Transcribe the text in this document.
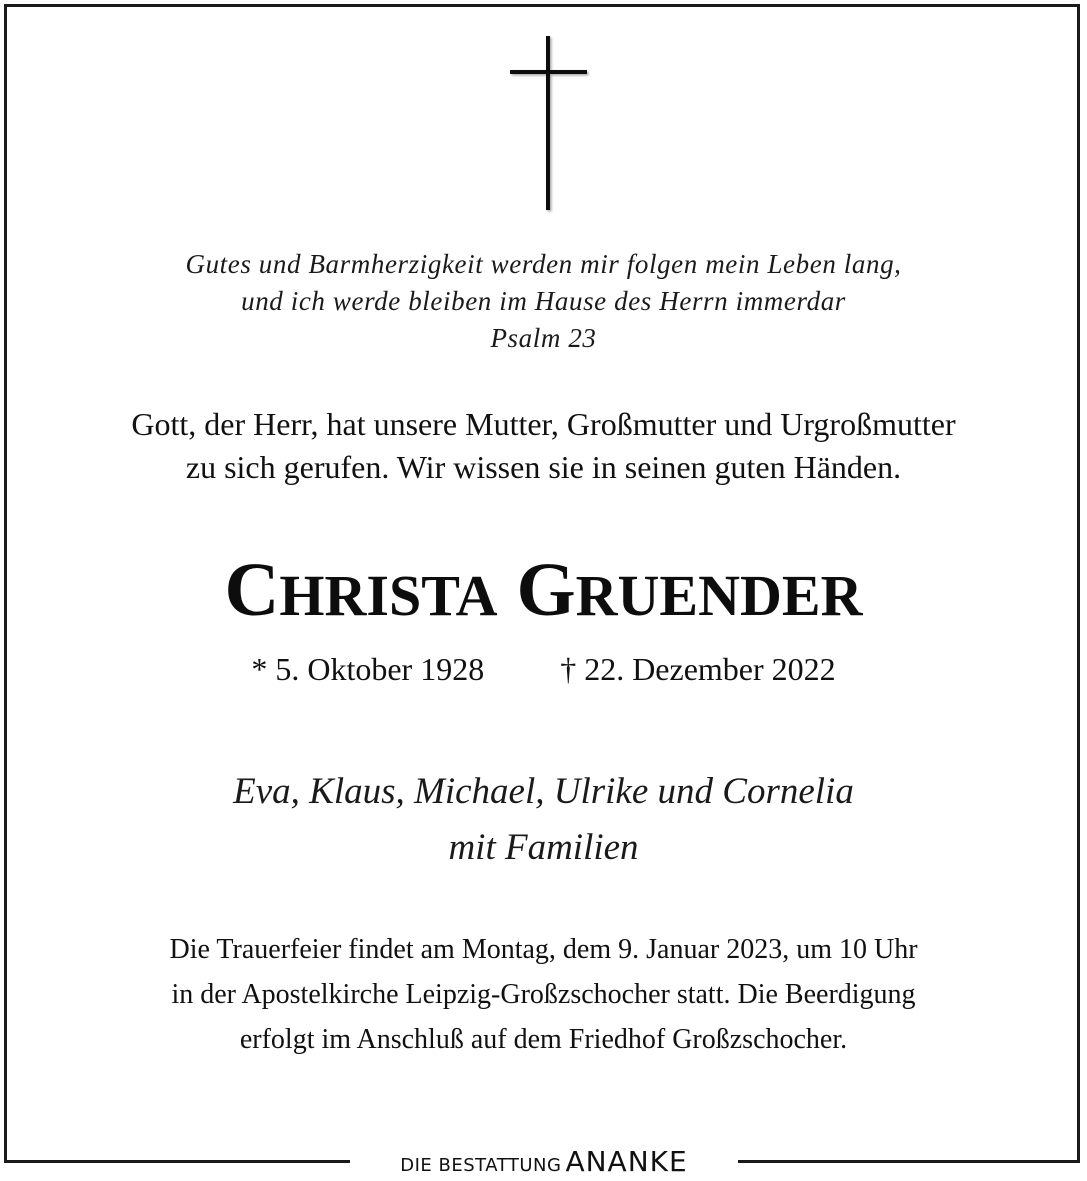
Gutes und Barmherzigkeit werden mir folgen mein Leben lang,
und ich werde bleiben im Hause des Herrn immerdar
Psalm 23
Gott, der Herr, hat unsere Mutter, Großmutter und Urgroßmutter
zu sich gerufen. Wir wissen sie in seinen guten Händen.
CHRISTA GRUENDER
* 5. Oktober 1928 † 22. Dezember 2022
Eva, Klaus, Michael, Ulrike und Cornelia
mit Familien
Die Trauerfeier findet am Montag, dem 9. Januar 2023, um 10 Uhr
in der Apostelkirche Leipzig-Großzschocher statt. Die Beerdigung
erfolgt im Anschluß auf dem Friedhof Großzschocher.
DIE BESTATTUNG ANANKE
